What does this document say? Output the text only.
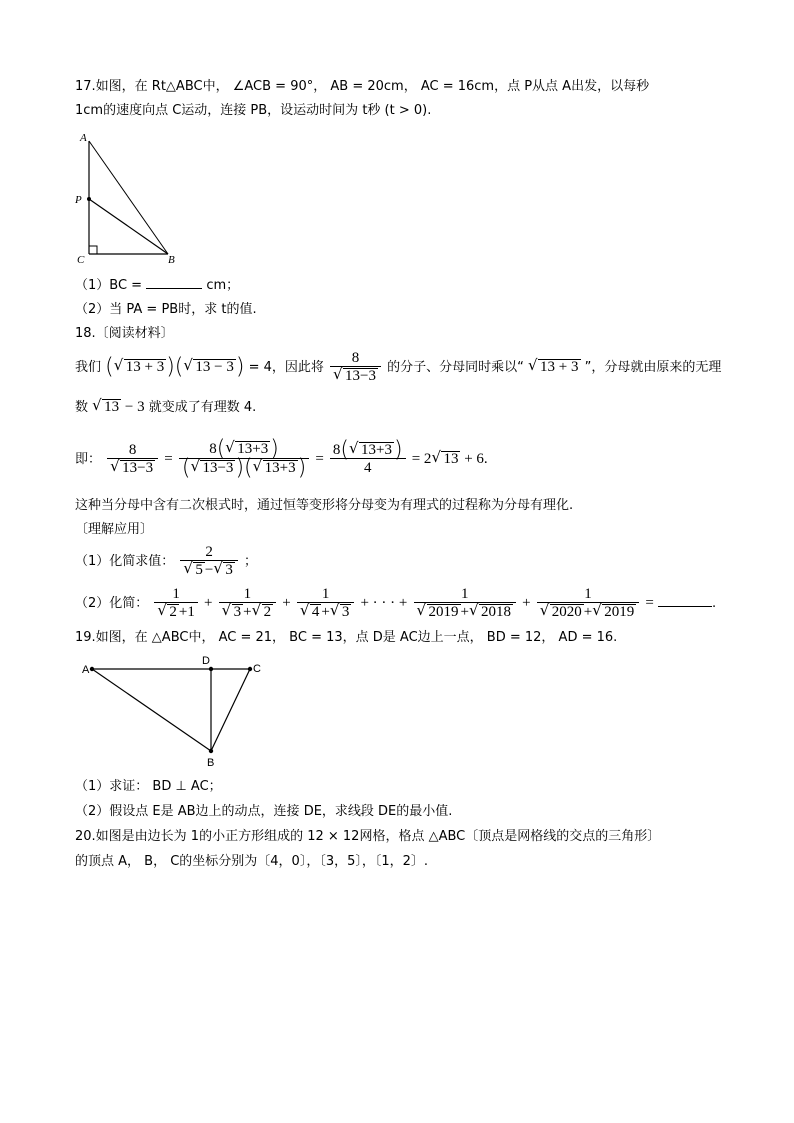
17.如图，在 Rt△ABC中， ∠ACB = 90°， AB = 20cm， AC = 16cm，点 P从点 A出发，以每秒
1cm的速度向点 C运动，连接 PB，设运动时间为 t秒 (t > 0).
A
P
C	B
（1）BC =	cm；
（2）当 PA = PB时，求 t的值.
18.〔阅读材料〕
我们 (√ 13 + 3)(√ 13 − 3) = 4，因此将 8
√ 13−3 的分子、分母同时乘以“ √ 13 + 3 ”，分母就由原来的无理
数 √ 13 − 3 就变成了有理数 4.
即： 8
√ $13-3 = \frac{8(√ 13+3)}{(√ 13-3)(√ 13+3)} = \frac{8(√ 13+3)}{4} = 2√$ 13 + 6.
这种当分母中含有二次根式时，通过恒等变形将分母变为有理式的过程称为分母有理化.
〔理解应用〕
（1）化简求值： 2
√ 5 −√ 3 ；
（2）化简： 1
√ 2 +1 + 1
√ 3 +√ 2 + 1
√ 4 +√ 3 + · · · + 1
√ 2019 +√ 2018 + 1
√ 2020 +√ 2019 =	.
19.如图，在 △ABC中， AC = 21， BC = 13，点 D是 AC边上一点， BD = 12， AD = 16.
A
D
C
B
（1）求证： BD ⊥ AC；
（2）假设点 E是 AB边上的动点，连接 DE，求线段 DE的最小值.
20.如图是由边长为 1的小正方形组成的 12 × 12网格，格点 △ABC〔顶点是网格线的交点的三角形〕
的顶点 A， B， C的坐标分别为〔4，0〕，〔3，5〕，〔1，2〕.
